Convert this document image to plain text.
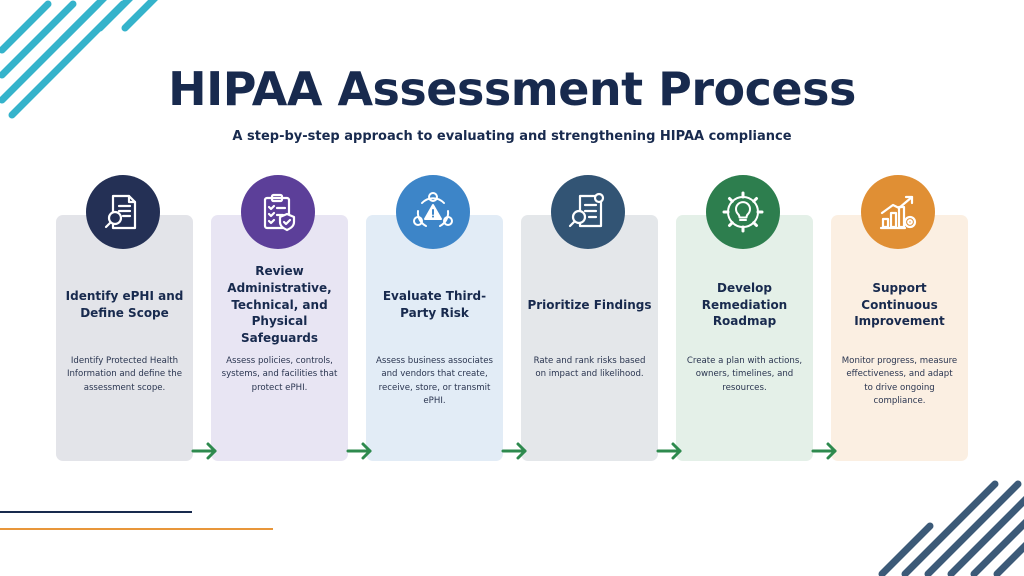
HIPAA Assessment Process
A step-by-step approach to evaluating and strengthening HIPAA compliance
Identify ePHI and Define Scope
Identify Protected Health Information and define the assessment scope.
Review Administrative, Technical, and Physical Safeguards
Assess policies, controls, systems, and facilities that protect ePHI.
Evaluate Third-Party Risk
Assess business associates and vendors that create, receive, store, or transmit ePHI.
Prioritize Findings
Rate and rank risks based on impact and likelihood.
Develop Remediation Roadmap
Create a plan with actions, owners, timelines, and resources.
Support Continuous Improvement
Monitor progress, measure effectiveness, and adapt to drive ongoing compliance.
